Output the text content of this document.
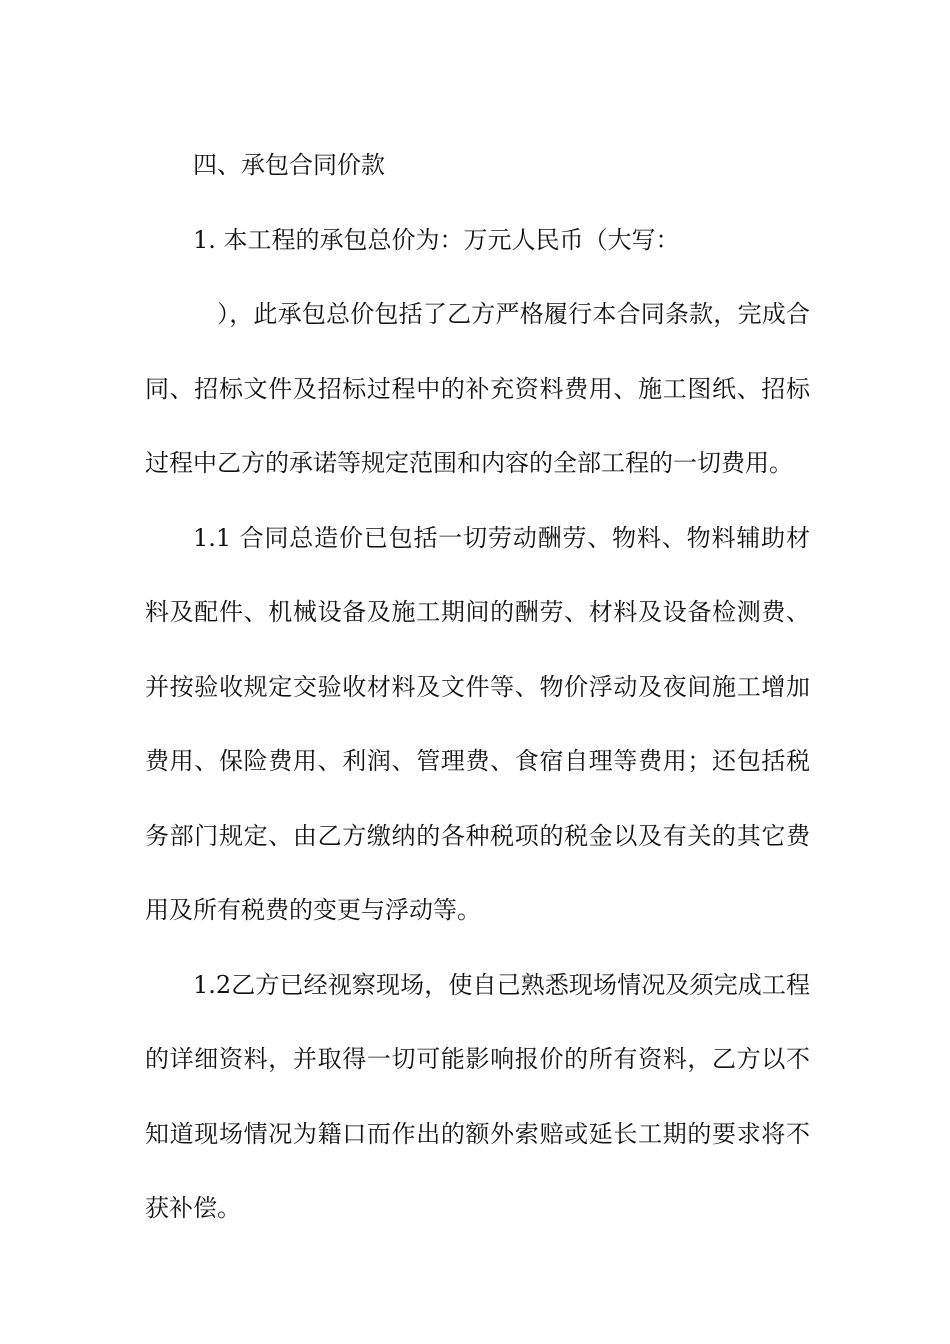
四、承包合同价款

1. 本工程的承包总价为：万元人民币（大写：

），此承包总价包括了乙方严格履行本合同条款，完成合同、招标文件及招标过程中的补充资料费用、施工图纸、招标过程中乙方的承诺等规定范围和内容的全部工程的一切费用。

1.1 合同总造价已包括一切劳动酬劳、物料、物料辅助材料及配件、机械设备及施工期间的酬劳、材料及设备检测费、并按验收规定交验收材料及文件等、物价浮动及夜间施工增加费用、保险费用、利润、管理费、食宿自理等费用；还包括税务部门规定、由乙方缴纳的各种税项的税金以及有关的其它费用及所有税费的变更与浮动等。

1.2乙方已经视察现场，使自己熟悉现场情况及须完成工程的详细资料，并取得一切可能影响报价的所有资料，乙方以不知道现场情况为籍口而作出的额外索赔或延长工期的要求将不获补偿。
